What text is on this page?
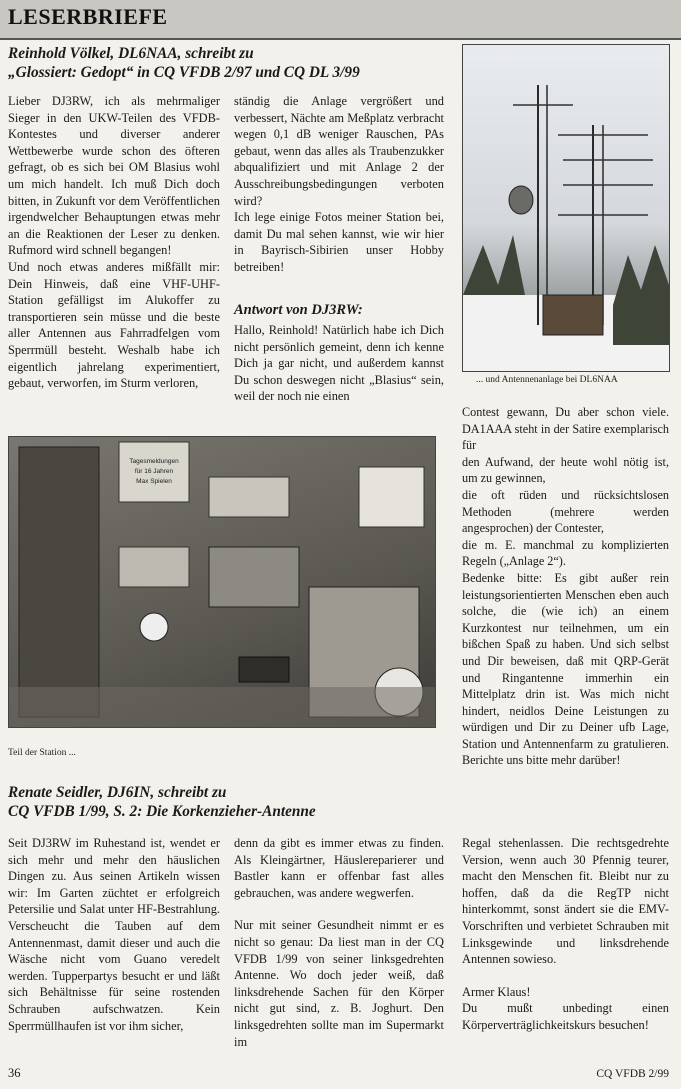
LESERBRIEFE
Reinhold Völkel, DL6NAA, schreibt zu
„Glossiert: Gedopt“ in CQ VFDB 2/97 und CQ DL 3/99

Lieber DJ3RW, ich als mehrmaliger Sieger in den UKW-Teilen des VFDB-Kontestes und diverser anderer Wettbewerbe wurde schon des öfteren gefragt, ob es sich bei OM Blasius wohl um mich handelt. Ich muß Dich doch bitten, in Zukunft vor dem Veröffentlichen irgendwelcher Behauptungen etwas mehr an die Reaktionen der Leser zu denken. Rufmord wird schnell begangen!

Und noch etwas anderes mißfällt mir: Dein Hinweis, daß eine VHF-UHF-Station gefälligst im Alukoffer zu transportieren sein müsse und die beste aller Antennen aus Fahrradfelgen vom Sperrmüll besteht. Weshalb habe ich eigentlich jahrelang experimentiert, gebaut, verworfen, im Sturm verloren,

ständig die Anlage vergrößert und verbessert, Nächte am Meßplatz verbracht wegen 0,1 dB weniger Rauschen, PAs gebaut, wenn das alles als Traubenzukker abqualifiziert und mit Anlage 2 der Ausschreibungsbedingungen verboten wird?

Ich lege einige Fotos meiner Station bei, damit Du mal sehen kannst, wie wir hier in Bayrisch-Sibirien unser Hobby betreiben!

Antwort von DJ3RW:

Hallo, Reinhold! Natürlich habe ich Dich nicht persönlich gemeint, denn ich kenne Dich ja gar nicht, und außerdem kannst Du schon deswegen nicht „Blasius“ sein, weil der noch nie einen

... und Antennenanlage bei DL6NAA

Contest gewann, Du aber schon viele. DA1AAA steht in der Satire exemplarisch für

den Aufwand, der heute wohl nötig ist, um zu gewinnen,

die oft rüden und rücksichtslosen Methoden (mehrere werden angesprochen) der Contester,

die m. E. manchmal zu komplizierten Regeln („Anlage 2“).

Bedenke bitte: Es gibt außer rein leistungsorientierten Menschen eben auch solche, die (wie ich) an einem Kurzkontest nur teilnehmen, um ein bißchen Spaß zu haben. Und sich selbst und Dir beweisen, daß mit QRP-Gerät und Ringantenne immerhin ein Mittelplatz drin ist. Was mich nicht hindert, neidlos Deine Leistungen zu würdigen und Dir zu Deiner ufb Lage, Station und Antennenfarm zu gratulieren. Berichte uns bitte mehr darüber!

Tagesmeldungen
für 16 Jahren
Max Spielen
Teil der Station ...
Renate Seidler, DJ6IN, schreibt zu
CQ VFDB 1/99, S. 2: Die Korkenzieher-Antenne

Seit DJ3RW im Ruhestand ist, wendet er sich mehr und mehr den häuslichen Dingen zu. Aus seinen Artikeln wissen wir: Im Garten züchtet er erfolgreich Petersilie und Salat unter HF-Bestrahlung. Verscheucht die Tauben auf dem Antennenmast, damit dieser und auch die Wäsche nicht vom Guano veredelt werden. Tupperpartys besucht er und läßt sich Behältnisse für seine rostenden Schrauben aufschwatzen. Kein Sperrmüllhaufen ist vor ihm sicher,

denn da gibt es immer etwas zu finden. Als Kleingärtner, Häuslereparierer und Bastler kann er offenbar fast alles gebrauchen, was andere wegwerfen.

Nur mit seiner Gesundheit nimmt er es nicht so genau: Da liest man in der CQ VFDB 1/99 von seiner linksgedrehten Antenne. Wo doch jeder weiß, daß linksdrehende Sachen für den Körper nicht gut sind, z. B. Joghurt. Den linksgedrehten sollte man im Supermarkt im

Regal stehenlassen. Die rechtsgedrehte Version, wenn auch 30 Pfennig teurer, macht den Menschen fit. Bleibt nur zu hoffen, daß da die RegTP nicht hinterkommt, sonst ändert sie die EMV-Vorschriften und verbietet Schrauben mit Linksgewinde und linksdrehende Antennen sowieso.

Armer Klaus!

Du mußt unbedingt einen Körperverträglichkeitskurs besuchen!

36	CQ VFDB 2/99
